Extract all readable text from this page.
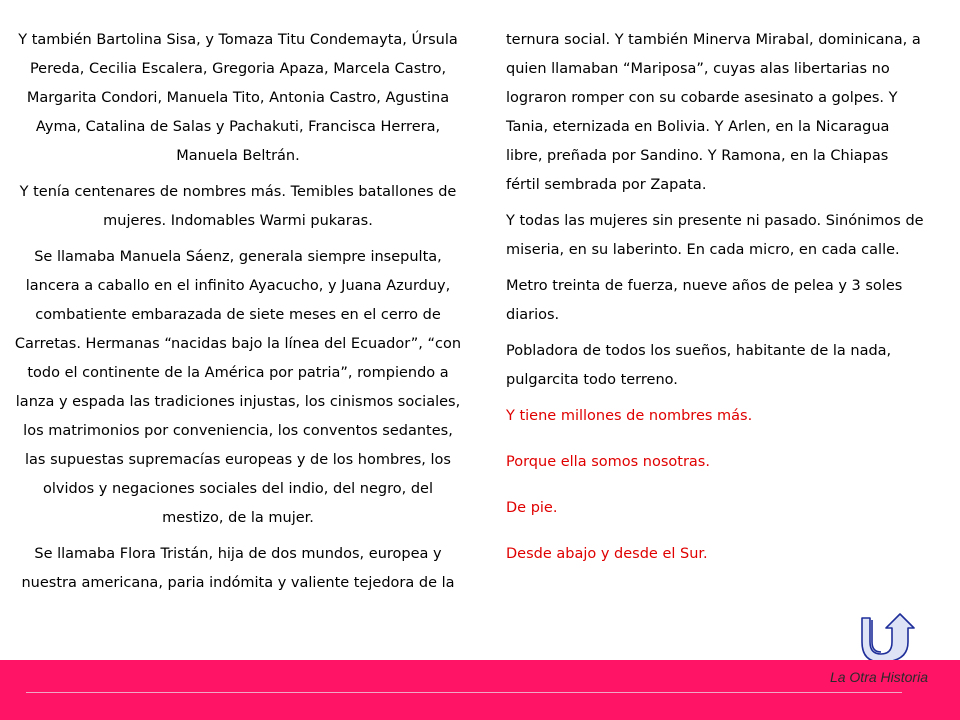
Y también Bartolina Sisa, y Tomaza Titu Condemayta, Úrsula Pereda, Cecilia Escalera, Gregoria Apaza, Marcela Castro, Margarita Condori, Manuela Tito, Antonia Castro, Agustina Ayma, Catalina de Salas y Pachakuti, Francisca Herrera, Manuela Beltrán.

Y tenía centenares de nombres más. Temibles batallones de mujeres. Indomables Warmi pukaras.

Se llamaba Manuela Sáenz, generala siempre insepulta, lancera a caballo en el infinito Ayacucho, y Juana Azurduy, combatiente embarazada de siete meses en el cerro de Carretas. Hermanas “nacidas bajo la línea del Ecuador”, “con todo el continente de la América por patria”, rompiendo a lanza y espada las tradiciones injustas, los cinismos sociales, los matrimonios por conveniencia, los conventos sedantes, las supuestas supremacías europeas y de los hombres, los olvidos y negaciones sociales del indio, del negro, del mestizo, de la mujer.

Se llamaba Flora Tristán, hija de dos mundos, europea y nuestra americana, paria indómita y valiente tejedora de la

ternura social. Y también Minerva Mirabal, dominicana, a quien llamaban “Mariposa”, cuyas alas libertarias no lograron romper con su cobarde asesinato a golpes. Y Tania, eternizada en Bolivia. Y Arlen, en la Nicaragua libre, preñada por Sandino. Y Ramona, en la Chiapas fértil sembrada por Zapata.

Y todas las mujeres sin presente ni pasado. Sinónimos de miseria, en su laberinto. En cada micro, en cada calle.

Metro treinta de fuerza, nueve años de pelea y 3 soles diarios.

Pobladora de todos los sueños, habitante de la nada, pulgarcita todo terreno.

Y tiene millones de nombres más.

Porque ella somos nosotras.

De pie.

Desde abajo y desde el Sur.

La Otra Historia
